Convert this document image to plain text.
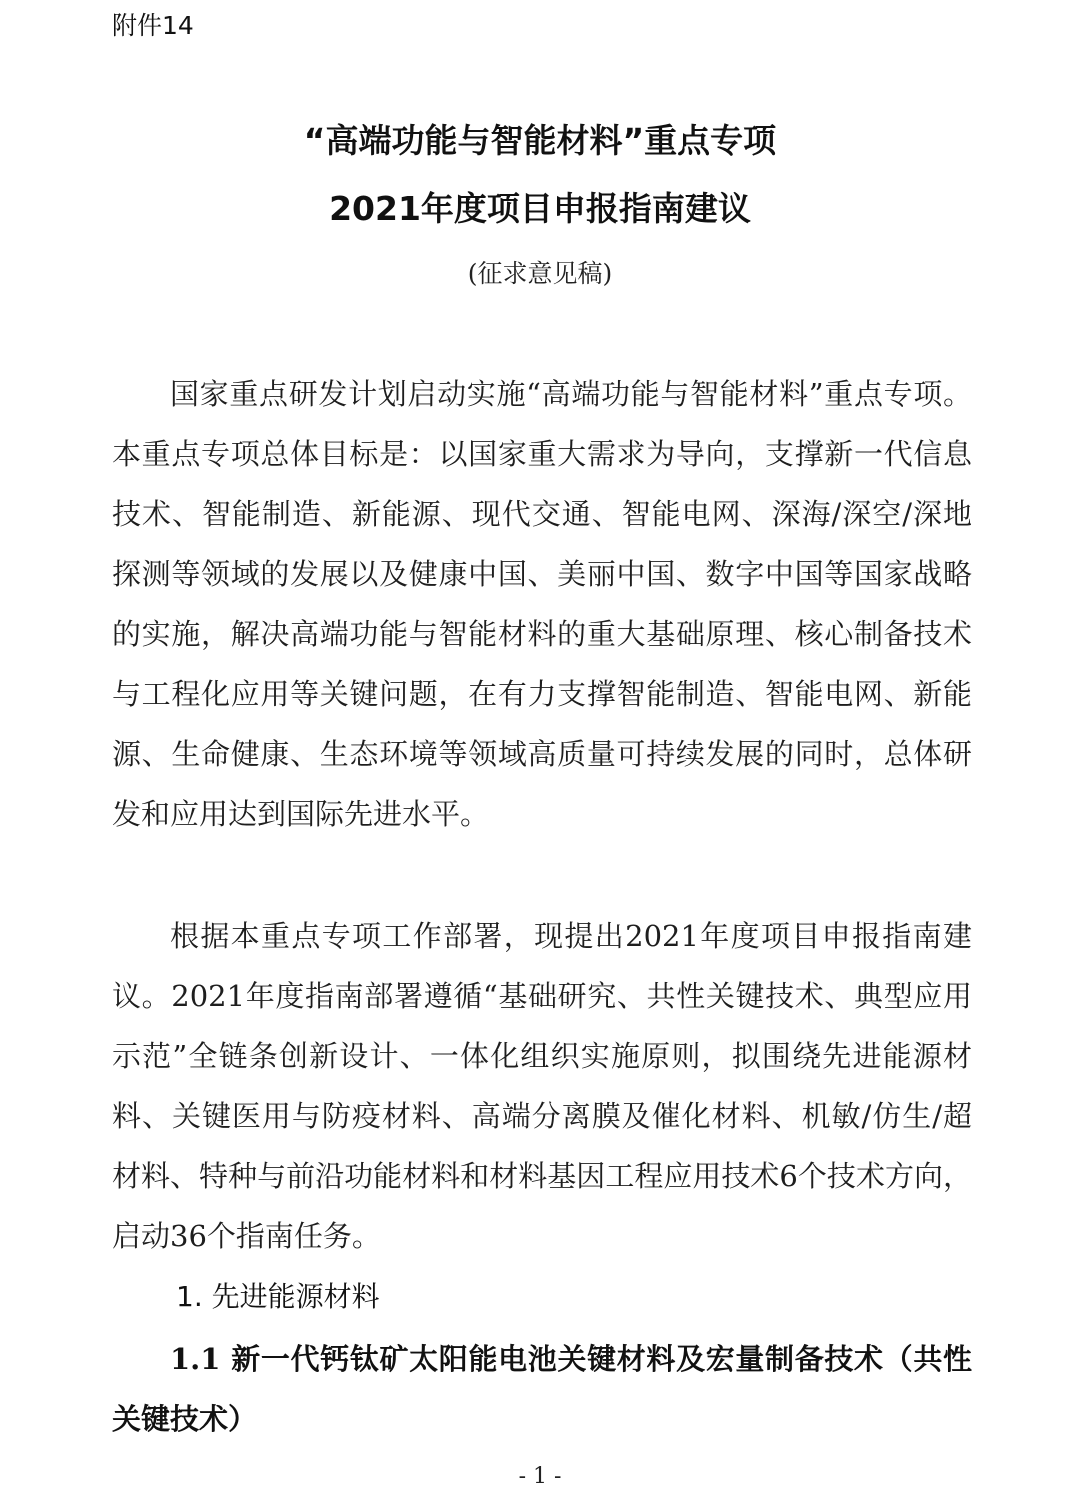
附件14
“高端功能与智能材料”重点专项
2021年度项目申报指南建议
(征求意见稿)

国家重点研发计划启动实施“高端功能与智能材料”重点专项。本重点专项总体目标是：以国家重大需求为导向，支撑新一代信息技术、智能制造、新能源、现代交通、智能电网、深海/深空/深地探测等领域的发展以及健康中国、美丽中国、数字中国等国家战略的实施，解决高端功能与智能材料的重大基础原理、核心制备技术与工程化应用等关键问题，在有力支撑智能制造、智能电网、新能源、生命健康、生态环境等领域高质量可持续发展的同时，总体研发和应用达到国际先进水平。

根据本重点专项工作部署，现提出2021年度项目申报指南建议。2021年度指南部署遵循“基础研究、共性关键技术、典型应用示范”全链条创新设计、一体化组织实施原则，拟围绕先进能源材料、关键医用与防疫材料、高端分离膜及催化材料、机敏/仿生/超材料、特种与前沿功能材料和材料基因工程应用技术6个技术方向，启动36个指南任务。

1. 先进能源材料

1.1 新一代钙钛矿太阳能电池关键材料及宏量制备技术（共性关键技术）

- 1 -
